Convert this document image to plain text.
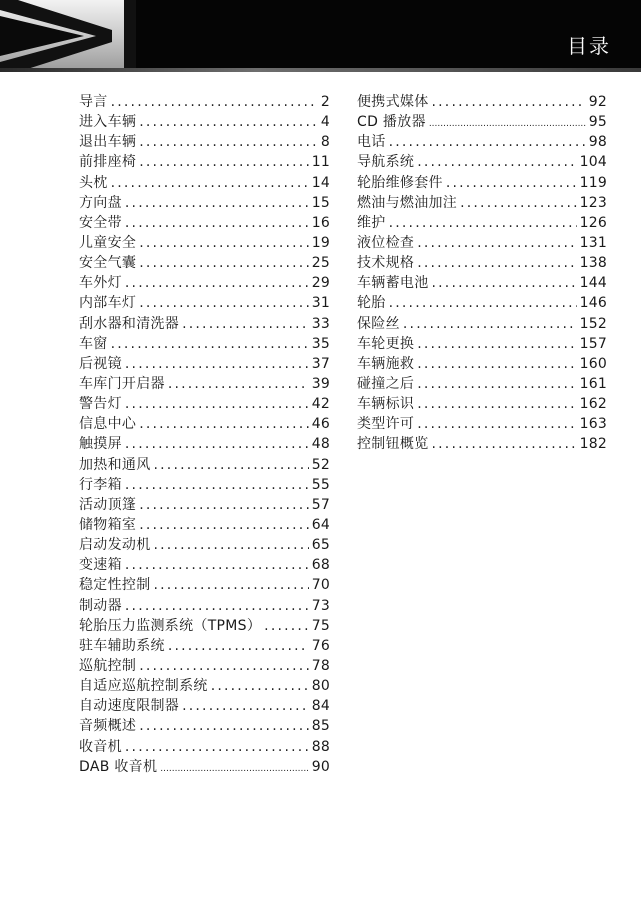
目录
导言 .....	2
进入车辆 .....	4
退出车辆 .....	8
前排座椅 .....	11
头枕 .....	14
方向盘 .....	15
安全带 .....	16
儿童安全 .....	19
安全气囊 .....	25
车外灯 .....	29
内部车灯 .....	31
刮水器和清洗器 .....	33
车窗 .....	35
后视镜 .....	37
车库门开启器 .....	39
警告灯 .....	42
信息中心 .....	46
触摸屏 .....	48
加热和通风 .....	52
行李箱 .....	55
活动顶篷 .....	57
储物箱室 .....	64
启动发动机 .....	65
变速箱 .....	68
稳定性控制 .....	70
制动器 .....	73
轮胎压力监测系统（TPMS） .....	75
驻车辅助系统 .....	76
巡航控制 .....	78
自适应巡航控制系统 .....	80
自动速度限制器 .....	84
音频概述 .....	85
收音机 .....	88
DAB 收音机 .....	90
便携式媒体 .....	92
CD 播放器 .....	95
电话 .....	98
导航系统 .....	104
轮胎维修套件 .....	119
燃油与燃油加注 .....	123
维护 .....	126
液位检查 .....	131
技术规格 .....	138
车辆蓄电池 .....	144
轮胎 .....	146
保险丝 .....	152
车轮更换 .....	157
车辆施救 .....	160
碰撞之后 .....	161
车辆标识 .....	162
类型许可 .....	163
控制钮概览 .....	182
